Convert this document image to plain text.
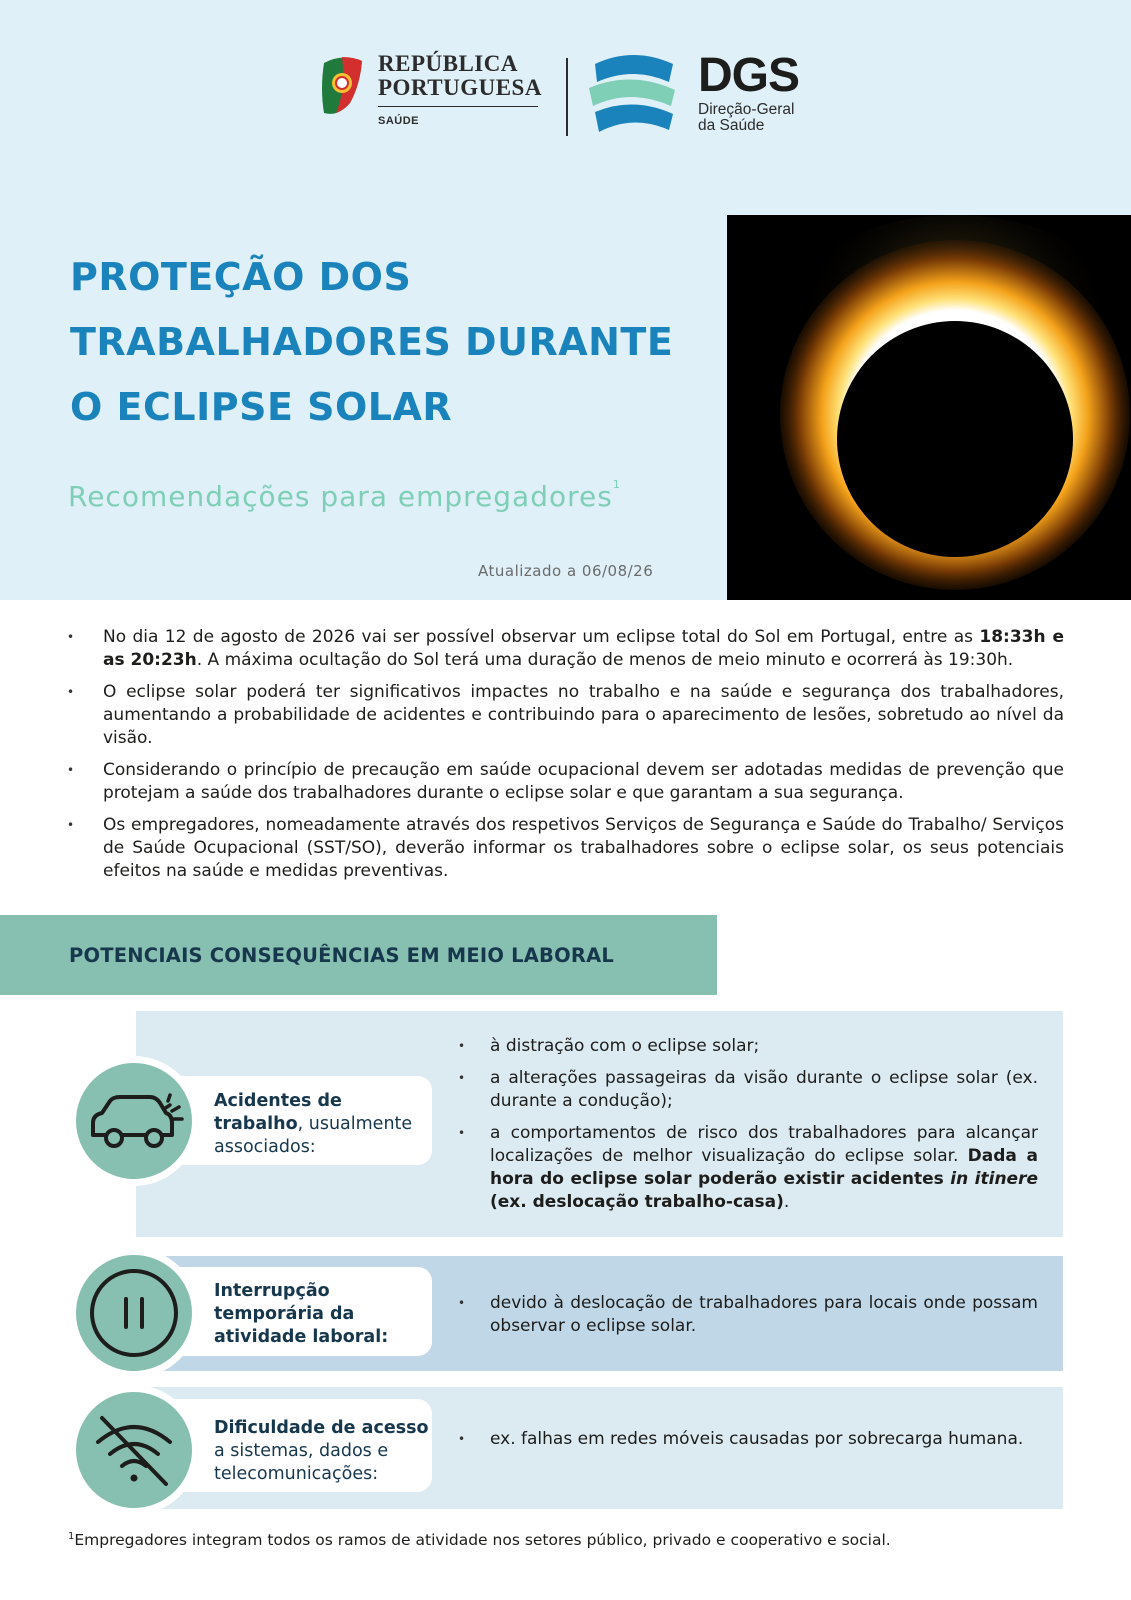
REPÚBLICA
PORTUGUESA
SAÚDE
DGS
Direção-Geral
da Saúde
PROTEÇÃO DOS
TRABALHADORES DURANTE
O ECLIPSE SOLAR
Recomendações para empregadores$^1$
Atualizado a 06/08/26
• No dia 12 de agosto de 2026 vai ser possível observar um eclipse total do Sol em Portugal, entre as 18:33h e as 20:23h. A máxima ocultação do Sol terá uma duração de menos de meio minuto e ocorrerá às 19:30h.
• O eclipse solar poderá ter significativos impactes no trabalho e na saúde e segurança dos trabalhadores, aumentando a probabilidade de acidentes e contribuindo para o aparecimento de lesões, sobretudo ao nível da visão.
• Considerando o princípio de precaução em saúde ocupacional devem ser adotadas medidas de prevenção que protejam a saúde dos trabalhadores durante o eclipse solar e que garantam a sua segurança.
• Os empregadores, nomeadamente através dos respetivos Serviços de Segurança e Saúde do Trabalho/ Serviços de Saúde Ocupacional (SST/SO), deverão informar os trabalhadores sobre o eclipse solar, os seus potenciais efeitos na saúde e medidas preventivas.
POTENCIAIS CONSEQUÊNCIAS EM MEIO LABORAL
Acidentes de trabalho, usualmente associados:
Interrupção temporária da atividade laboral:
Dificuldade de acesso a sistemas, dados e telecomunicações:
• à distração com o eclipse solar;
• a alterações passageiras da visão durante o eclipse solar (ex. durante a condução);
• a comportamentos de risco dos trabalhadores para alcançar localizações de melhor visualização do eclipse solar. Dada a hora do eclipse solar poderão existir acidentes in itinere (ex. deslocação trabalho-casa).
• devido à deslocação de trabalhadores para locais onde possam observar o eclipse solar.
• ex. falhas em redes móveis causadas por sobrecarga humana.
$^1$Empregadores integram todos os ramos de atividade nos setores público, privado e cooperativo e social.
